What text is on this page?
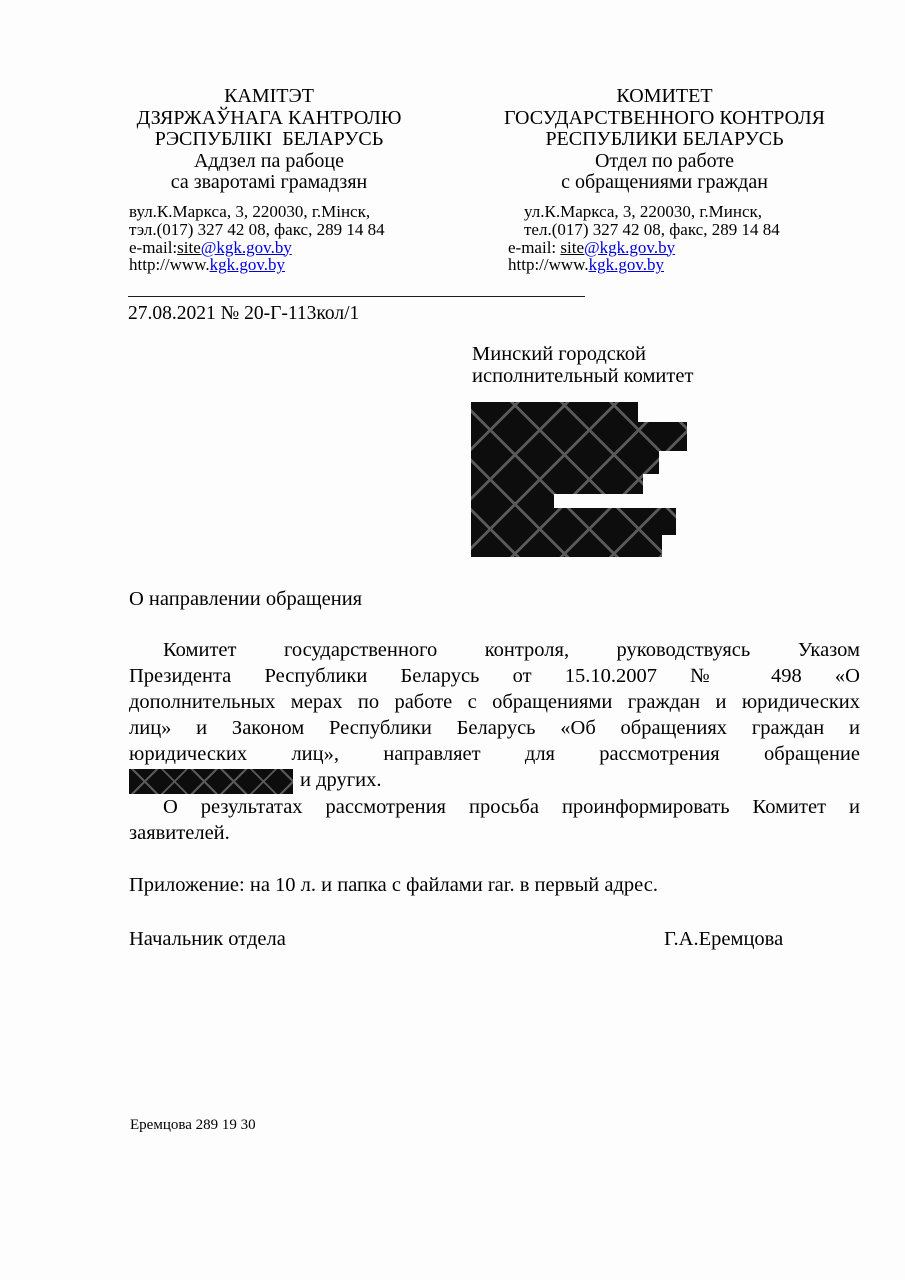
КАМІТЭТ
ДЗЯРЖАЎНАГА КАНТРОЛЮ
РЭСПУБЛІКІ  БЕЛАРУСЬ
Аддзел па рабоце
са зваротамі грамадзян
вул.К.Маркса, 3, 220030, г.Мінск,
тэл.(017) 327 42 08, факс, 289 14 84
e-mail:site@kgk.gov.by
http://www.kgk.gov.by
КОМИТЕТ
ГОСУДАРСТВЕННОГО КОНТРОЛЯ
РЕСПУБЛИКИ БЕЛАРУСЬ
Отдел по работе
с обращениями граждан
ул.К.Маркса, 3, 220030, г.Минск,
тел.(017) 327 42 08, факс, 289 14 84
e-mail: site@kgk.gov.by
http://www.kgk.gov.by
27.08.2021 № 20-Г-113кол/1
Минский городской
исполнительный комитет
О направлении обращения
Комитет государственного контроля, руководствуясь Указом
Президента Республики Беларусь от 15.10.2007 № 498 «О
дополнительных мерах по работе с обращениями граждан и юридических
лиц» и Законом Республики Беларусь «Об обращениях граждан и
юридических лиц», направляет для рассмотрения обращение
и других.
О результатах рассмотрения просьба проинформировать Комитет и
заявителей.
Приложение: на 10 л. и папка с файлами rar. в первый адрес.
Начальник отдела	Г.А.Еремцова
Еремцова 289 19 30
